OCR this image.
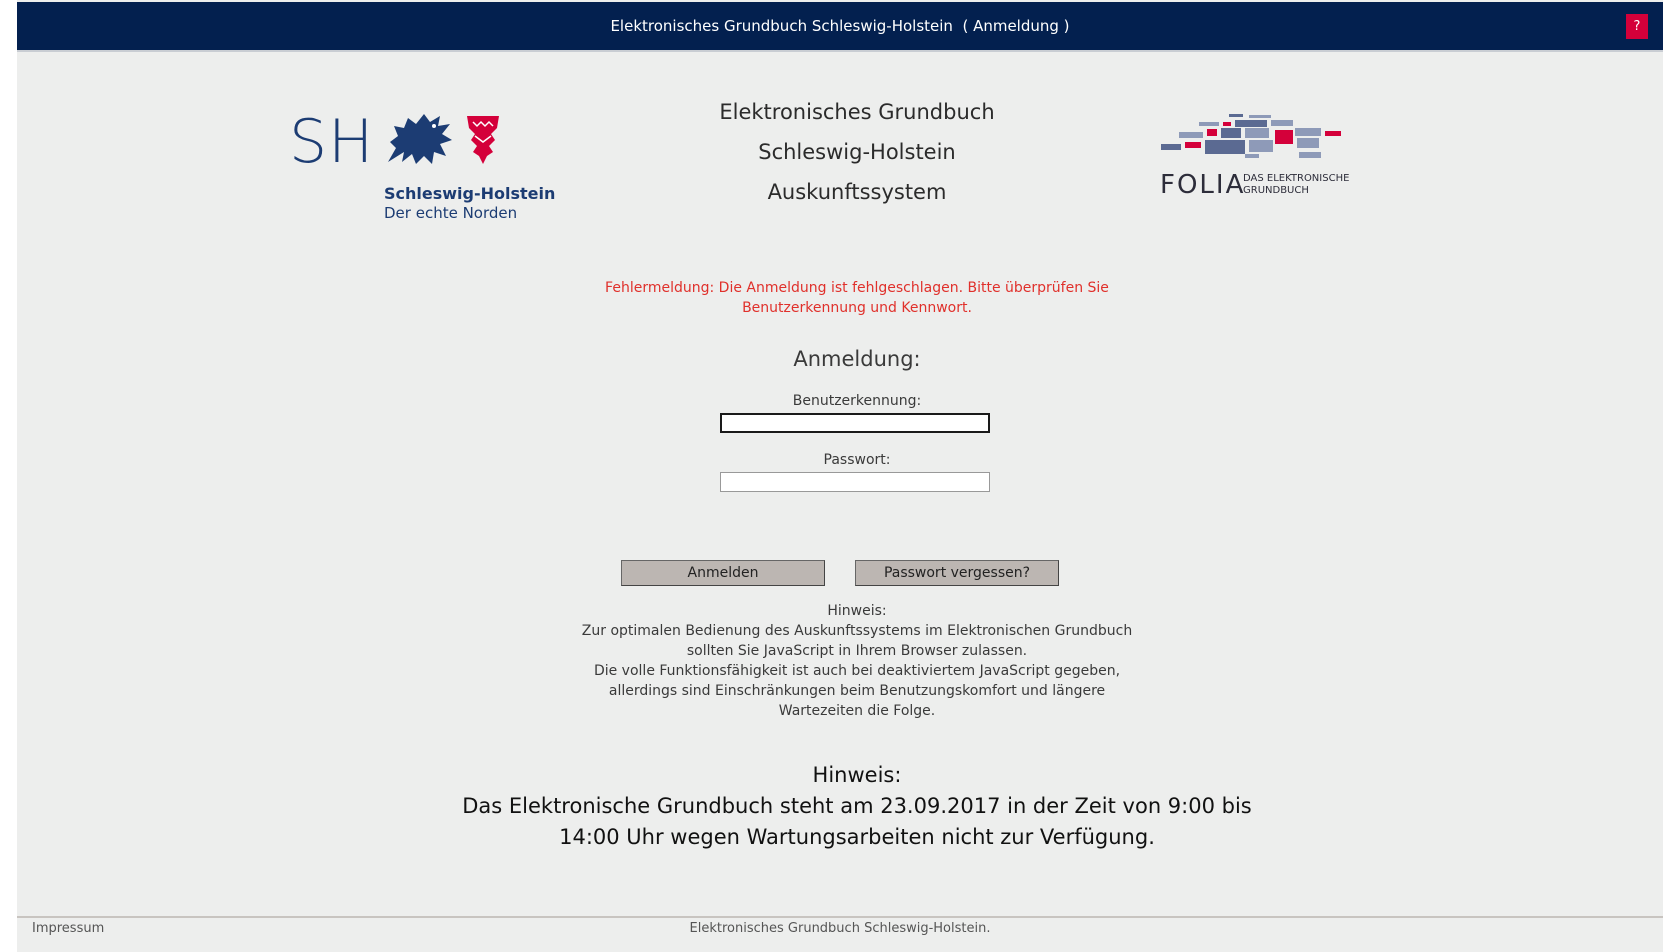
Elektronisches Grundbuch Schleswig-Holstein  ( Anmeldung )	?
SH
Schleswig-Holstein
Der echte Norden
Elektronisches Grundbuch
Schleswig-Holstein
Auskunftssystem	FOLIA
DAS ELEKTRONISCHE
GRUNDBUCH
Fehlermeldung: Die Anmeldung ist fehlgeschlagen. Bitte überprüfen Sie
Benutzerkennung und Kennwort.
Anmeldung:
Benutzerkennung:
Passwort:
Anmelden	Passwort vergessen?
Hinweis:
Zur optimalen Bedienung des Auskunftssystems im Elektronischen Grundbuch
sollten Sie JavaScript in Ihrem Browser zulassen.
Die volle Funktionsfähigkeit ist auch bei deaktiviertem JavaScript gegeben,
allerdings sind Einschränkungen beim Benutzungskomfort und längere
Wartezeiten die Folge.
Hinweis:
Das Elektronische Grundbuch steht am 23.09.2017 in der Zeit von 9:00 bis
14:00 Uhr wegen Wartungsarbeiten nicht zur Verfügung.
Impressum	Elektronisches Grundbuch Schleswig-Holstein.
